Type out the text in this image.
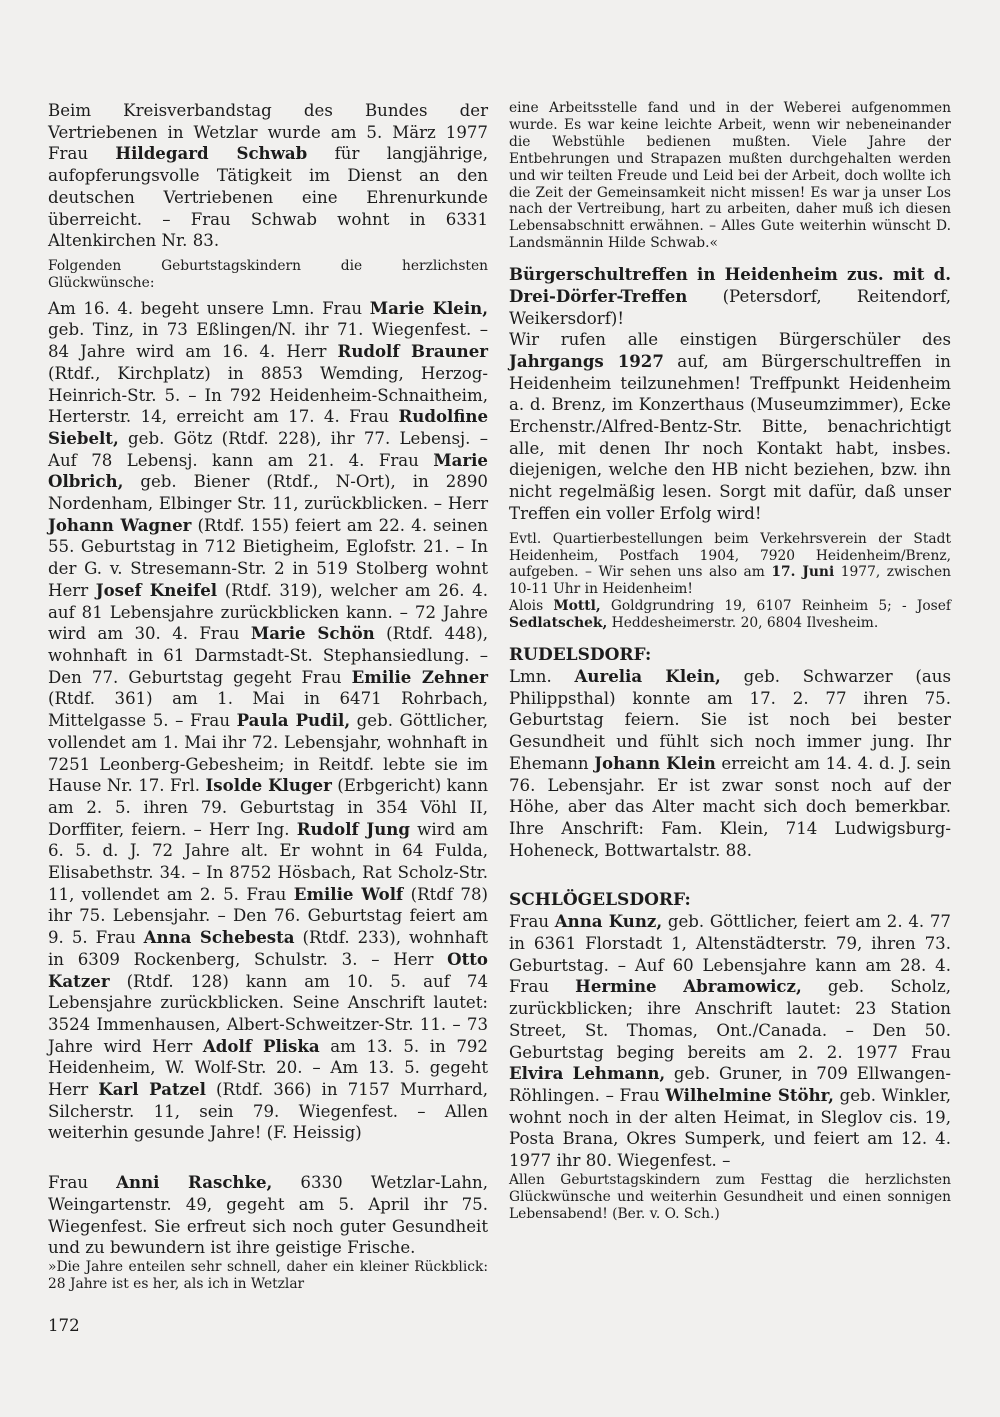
Beim Kreisverbandstag des Bundes der Vertriebenen in Wetzlar wurde am 5. März 1977 Frau Hildegard Schwab für langjährige, aufopferungsvolle Tätigkeit im Dienst an den deutschen Vertriebenen eine Ehrenurkunde überreicht. – Frau Schwab wohnt in 6331 Altenkirchen Nr. 83.

Folgenden Geburtstagskindern die herzlichsten Glückwünsche:

Am 16. 4. begeht unsere Lmn. Frau Marie Klein, geb. Tinz, in 73 Eßlingen/N. ihr 71. Wiegenfest. – 84 Jahre wird am 16. 4. Herr Rudolf Brauner (Rtdf., Kirchplatz) in 8853 Wemding, Herzog-Heinrich-Str. 5. – In 792 Heidenheim-Schnaitheim, Herterstr. 14, erreicht am 17. 4. Frau Rudolfine Siebelt, geb. Götz (Rtdf. 228), ihr 77. Lebensj. – Auf 78 Lebensj. kann am 21. 4. Frau Marie Olbrich, geb. Biener (Rtdf., N-Ort), in 2890 Nordenham, Elbinger Str. 11, zurückblicken. – Herr Johann Wagner (Rtdf. 155) feiert am 22. 4. seinen 55. Geburtstag in 712 Bietigheim, Eglofstr. 21. – In der G. v. Stresemann-Str. 2 in 519 Stolberg wohnt Herr Josef Kneifel (Rtdf. 319), welcher am 26. 4. auf 81 Lebensjahre zurückblicken kann. – 72 Jahre wird am 30. 4. Frau Marie Schön (Rtdf. 448), wohnhaft in 61 Darmstadt-St. Stephansiedlung. – Den 77. Geburtstag gegeht Frau Emilie Zehner (Rtdf. 361) am 1. Mai in 6471 Rohrbach, Mittelgasse 5. – Frau Paula Pudil, geb. Göttlicher, vollendet am 1. Mai ihr 72. Lebensjahr, wohnhaft in 7251 Leonberg-Gebesheim; in Reitdf. lebte sie im Hause Nr. 17. Frl. Isolde Kluger (Erbgericht) kann am 2. 5. ihren 79. Geburtstag in 354 Vöhl II, Dorffiter, feiern. – Herr Ing. Rudolf Jung wird am 6. 5. d. J. 72 Jahre alt. Er wohnt in 64 Fulda, Elisabethstr. 34. – In 8752 Hösbach, Rat Scholz-Str. 11, vollendet am 2. 5. Frau Emilie Wolf (Rtdf 78) ihr 75. Lebensjahr. – Den 76. Geburtstag feiert am 9. 5. Frau Anna Schebesta (Rtdf. 233), wohnhaft in 6309 Rockenberg, Schulstr. 3. – Herr Otto Katzer (Rtdf. 128) kann am 10. 5. auf 74 Lebensjahre zurückblicken. Seine Anschrift lautet: 3524 Immenhausen, Albert-Schweitzer-Str. 11. – 73 Jahre wird Herr Adolf Pliska am 13. 5. in 792 Heidenheim, W. Wolf-Str. 20. – Am 13. 5. gegeht Herr Karl Patzel (Rtdf. 366) in 7157 Murrhard, Silcherstr. 11, sein 79. Wiegenfest. – Allen weiterhin gesunde Jahre! (F. Heissig)

Frau Anni Raschke, 6330 Wetzlar-Lahn, Weingartenstr. 49, gegeht am 5. April ihr 75. Wiegenfest. Sie erfreut sich noch guter Gesundheit und zu bewundern ist ihre geistige Frische.

»Die Jahre enteilen sehr schnell, daher ein kleiner Rückblick: 28 Jahre ist es her, als ich in Wetzlar

eine Arbeitsstelle fand und in der Weberei aufgenommen wurde. Es war keine leichte Arbeit, wenn wir nebeneinander die Webstühle bedienen mußten. Viele Jahre der Entbehrungen und Strapazen mußten durchgehalten werden und wir teilten Freude und Leid bei der Arbeit, doch wollte ich die Zeit der Gemeinsamkeit nicht missen! Es war ja unser Los nach der Vertreibung, hart zu arbeiten, daher muß ich diesen Lebensabschnitt erwähnen. – Alles Gute weiterhin wünscht D. Landsmännin Hilde Schwab.«

Bürgerschultreffen in Heidenheim zus. mit d. Drei-Dörfer-Treffen (Petersdorf, Reitendorf, Weikersdorf)!

Wir rufen alle einstigen Bürgerschüler des Jahrgangs 1927 auf, am Bürgerschultreffen in Heidenheim teilzunehmen! Treffpunkt Heidenheim a. d. Brenz, im Konzerthaus (Museumzimmer), Ecke Erchenstr./Alfred-Bentz-Str. Bitte, benachrichtigt alle, mit denen Ihr noch Kontakt habt, insbes. diejenigen, welche den HB nicht beziehen, bzw. ihn nicht regelmäßig lesen. Sorgt mit dafür, daß unser Treffen ein voller Erfolg wird!

Evtl. Quartierbestellungen beim Verkehrsverein der Stadt Heidenheim, Postfach 1904, 7920 Heidenheim/Brenz, aufgeben. – Wir sehen uns also am 17. Juni 1977, zwischen 10-11 Uhr in Heidenheim!

Alois Mottl, Goldgrundring 19, 6107 Reinheim 5; - Josef Sedlatschek, Heddesheimerstr. 20, 6804 Ilvesheim.

RUDELSDORF:

Lmn. Aurelia Klein, geb. Schwarzer (aus Philippsthal) konnte am 17. 2. 77 ihren 75. Geburtstag feiern. Sie ist noch bei bester Gesundheit und fühlt sich noch immer jung. Ihr Ehemann Johann Klein erreicht am 14. 4. d. J. sein 76. Lebensjahr. Er ist zwar sonst noch auf der Höhe, aber das Alter macht sich doch bemerkbar. Ihre Anschrift: Fam. Klein, 714 Ludwigsburg-Hoheneck, Bottwartalstr. 88.

SCHLÖGELSDORF:

Frau Anna Kunz, geb. Göttlicher, feiert am 2. 4. 77 in 6361 Florstadt 1, Altenstädterstr. 79, ihren 73. Geburtstag. – Auf 60 Lebensjahre kann am 28. 4. Frau Hermine Abramowicz, geb. Scholz, zurückblicken; ihre Anschrift lautet: 23 Station Street, St. Thomas, Ont./Canada. – Den 50. Geburtstag beging bereits am 2. 2. 1977 Frau Elvira Lehmann, geb. Gruner, in 709 Ellwangen-Röhlingen. – Frau Wilhelmine Stöhr, geb. Winkler, wohnt noch in der alten Heimat, in Sleglov cis. 19, Posta Brana, Okres Sumperk, und feiert am 12. 4. 1977 ihr 80. Wiegenfest. –

Allen Geburtstagskindern zum Festtag die herzlichsten Glückwünsche und weiterhin Gesundheit und einen sonnigen Lebensabend! (Ber. v. O. Sch.)

172
